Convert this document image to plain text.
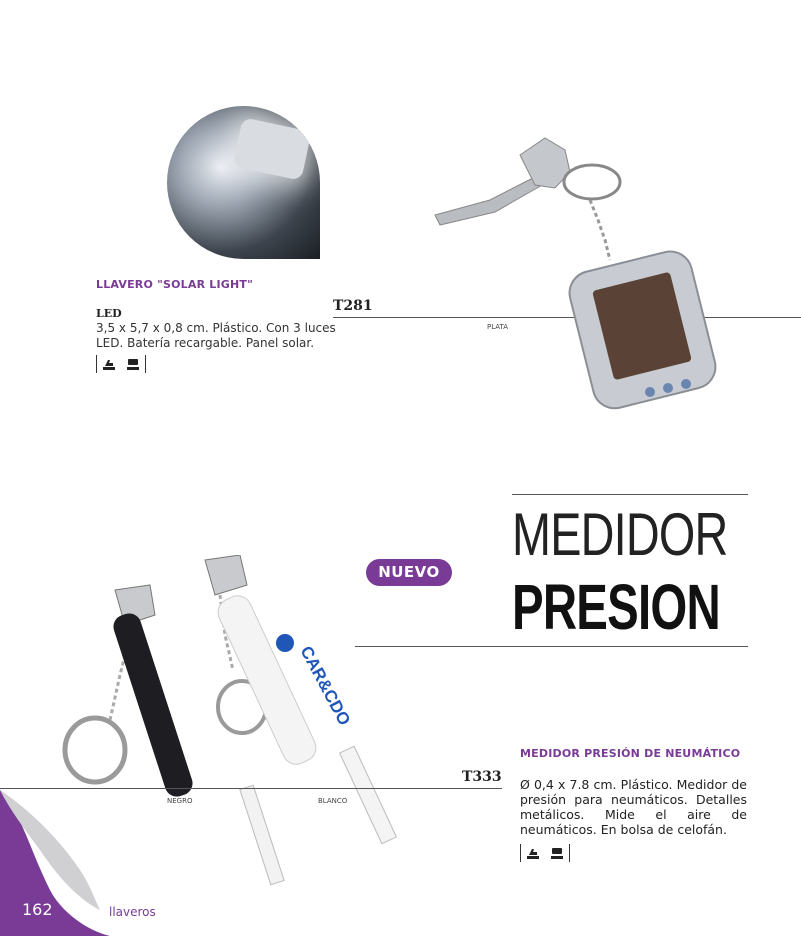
LLAVERO "SOLAR LIGHT"
LED
3,5 x 5,7 x 0,8 cm. Plástico. Con 3 luces
LED. Batería recargable. Panel solar.
T281
PLATA
MEDIDOR
PRESION
NUEVO
CAR&CDO
T333
NEGRO	BLANCO
MEDIDOR PRESIÓN DE NEUMÁTICO
Ø 0,4 x 7.8 cm. Plástico. Medidor de presión para neumáticos. Detalles metálicos. Mide el aire de neumáticos. En bolsa de celofán.
162	llaveros
